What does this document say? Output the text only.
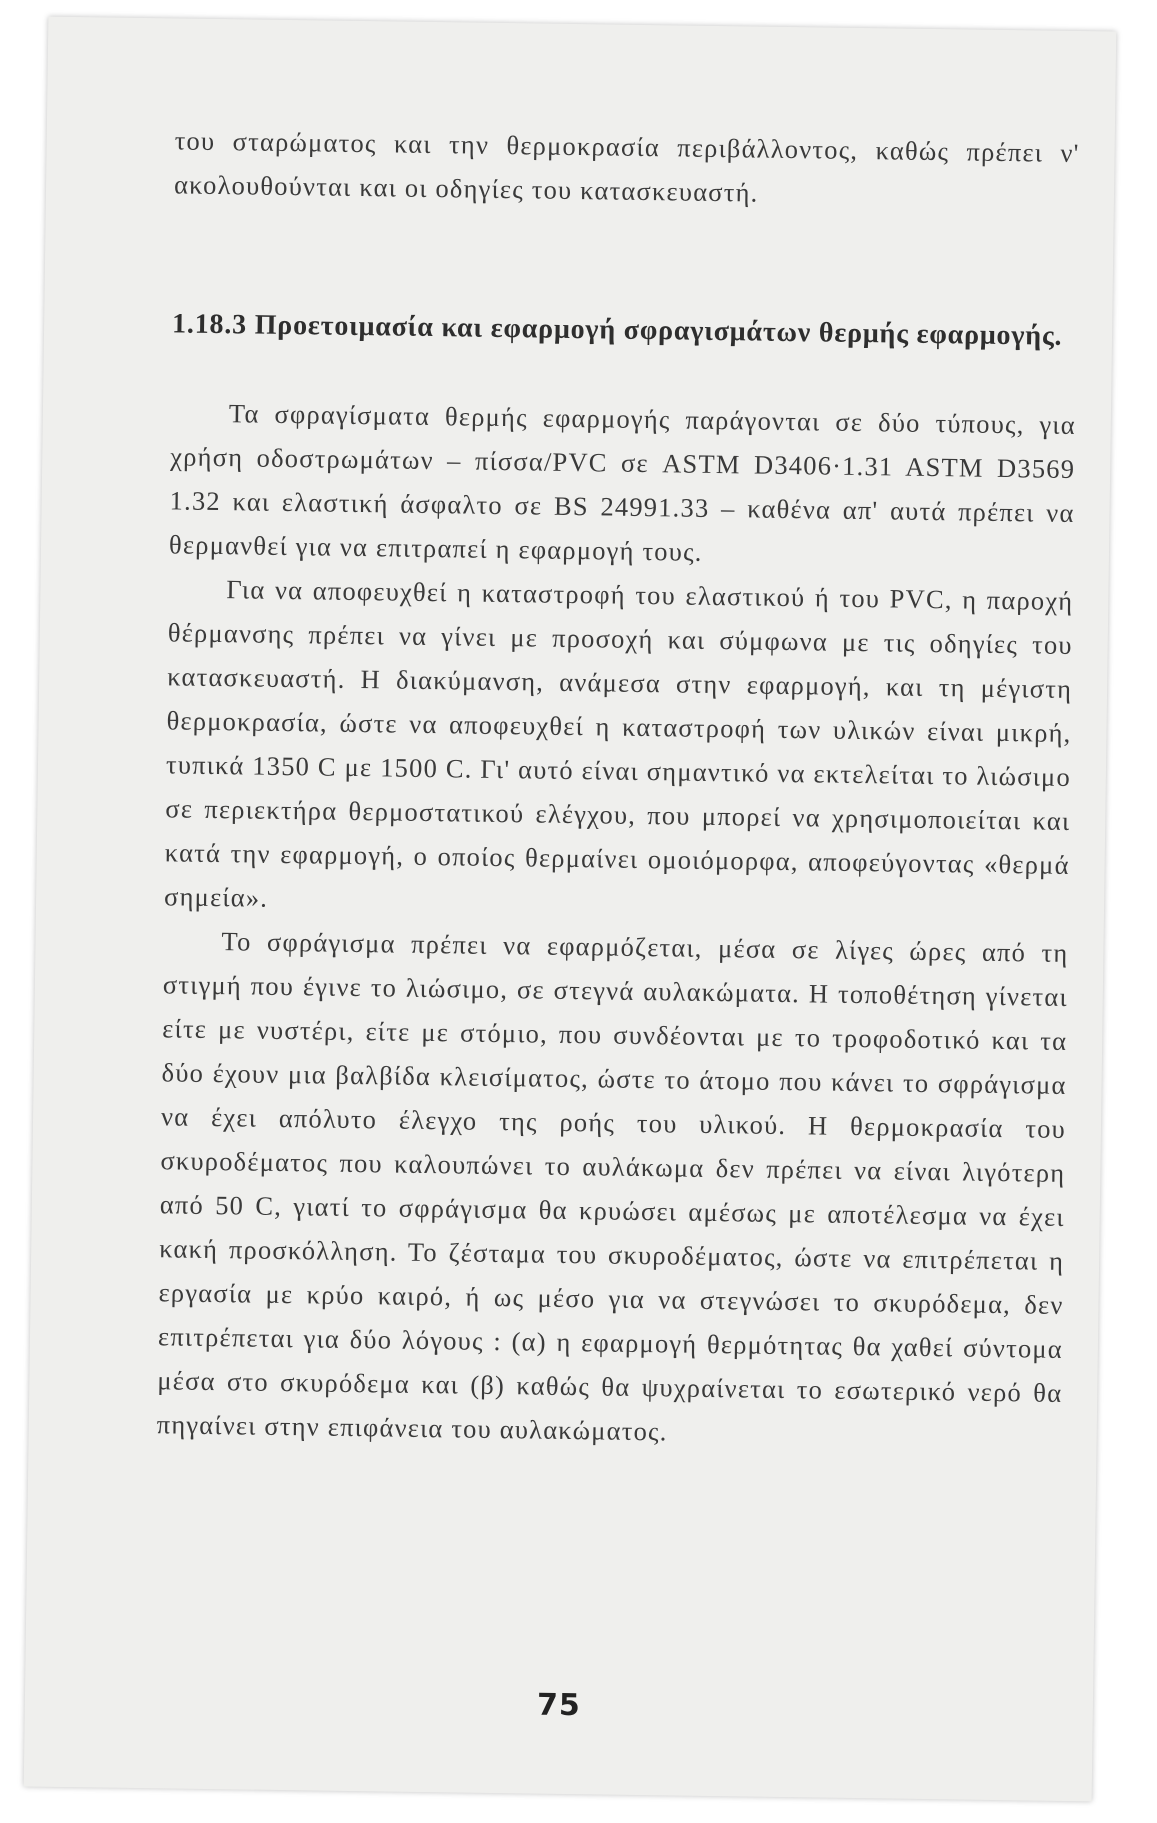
του σταρώματος και την θερμοκρασία περιβάλλοντος, καθώς πρέπει ν' ακολουθούνται και οι οδηγίες του κατασκευαστή.

1.18.3 Προετοιμασία και εφαρμογή σφραγισμάτων θερμής εφαρμογής.

Τα σφραγίσματα θερμής εφαρμογής παράγονται σε δύο τύπους, για χρήση οδοστρωμάτων – πίσσα/PVC σε ASTM D3406·1.31 ASTM D3569 1.32 και ελαστική άσφαλτο σε BS 24991.33 – καθένα απ' αυτά πρέπει να θερμανθεί για να επιτραπεί η εφαρμογή τους.

Για να αποφευχθεί η καταστροφή του ελαστικού ή του PVC, η παροχή θέρμανσης πρέπει να γίνει με προσοχή και σύμφωνα με τις οδηγίες του κατασκευαστή. Η διακύμανση, ανάμεσα στην εφαρμογή, και τη μέγιστη θερμοκρασία, ώστε να αποφευχθεί η καταστροφή των υλικών είναι μικρή, τυπικά 1350 C με 1500 C. Γι' αυτό είναι σημαντικό να εκτελείται το λιώσιμο σε περιεκτήρα θερμοστατικού ελέγχου, που μπορεί να χρησιμοποιείται και κατά την εφαρμογή, ο οποίος θερμαίνει ομοιόμορφα, αποφεύγοντας «θερμά σημεία».

Το σφράγισμα πρέπει να εφαρμόζεται, μέσα σε λίγες ώρες από τη στιγμή που έγινε το λιώσιμο, σε στεγνά αυλακώματα. Η τοποθέτηση γίνεται είτε με νυστέρι, είτε με στόμιο, που συνδέονται με το τροφοδοτικό και τα δύο έχουν μια βαλβίδα κλεισίματος, ώστε το άτομο που κάνει το σφράγισμα να έχει απόλυτο έλεγχο της ροής του υλικού. Η θερμοκρασία του σκυροδέματος που καλουπώνει το αυλάκωμα δεν πρέπει να είναι λιγότερη από 50 C, γιατί το σφράγισμα θα κρυώσει αμέσως με αποτέλεσμα να έχει κακή προσκόλληση. Το ζέσταμα του σκυροδέματος, ώστε να επιτρέπεται η εργασία με κρύο καιρό, ή ως μέσο για να στεγνώσει το σκυρόδεμα, δεν επιτρέπεται για δύο λόγους : (α) η εφαρμογή θερμότητας θα χαθεί σύντομα μέσα στο σκυρόδεμα και (β) καθώς θα ψυχραίνεται το εσωτερικό νερό θα πηγαίνει στην επιφάνεια του αυλακώματος.

75
